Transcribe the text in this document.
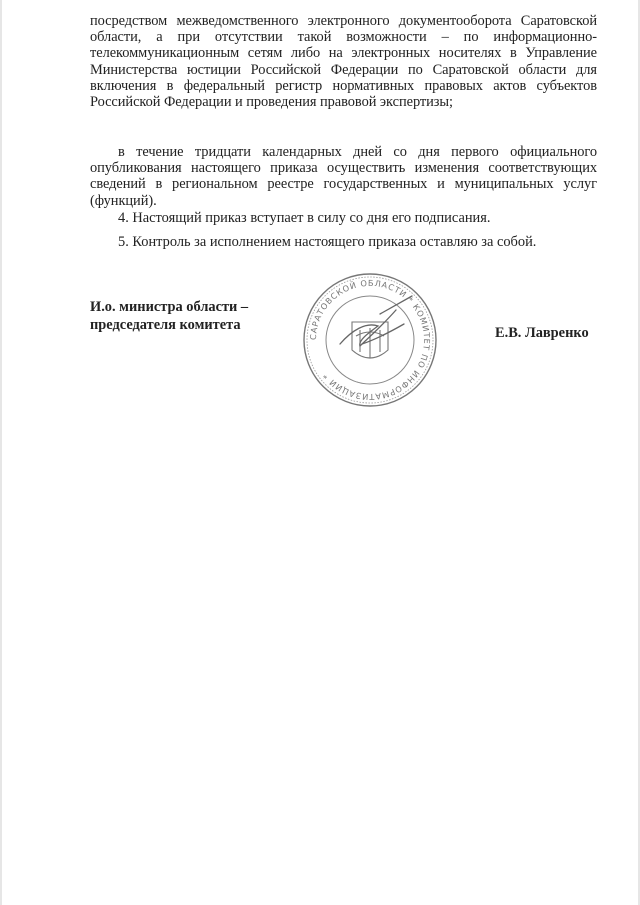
посредством межведомственного электронного документооборота Саратовской области, а при отсутствии такой возможности – по информационно-телекоммуникационным сетям либо на электронных носителях в Управление Министерства юстиции Российской Федерации по Саратовской области для включения в федеральный регистр нормативных правовых актов субъектов Российской Федерации и проведения правовой экспертизы;

в течение тридцати календарных дней со дня первого официального опубликования настоящего приказа осуществить изменения соответствующих сведений в региональном реестре государственных и муниципальных услуг (функций).

4. Настоящий приказ вступает в силу со дня его подписания.
5. Контроль за исполнением настоящего приказа оставляю за собой.
И.о. министра области –
председателя комитета	Е.В. Лавренко
САРАТОВСКОЙ ОБЛАСТИ * КОМИТЕТ ПО ИНФОРМАТИЗАЦИИ *
